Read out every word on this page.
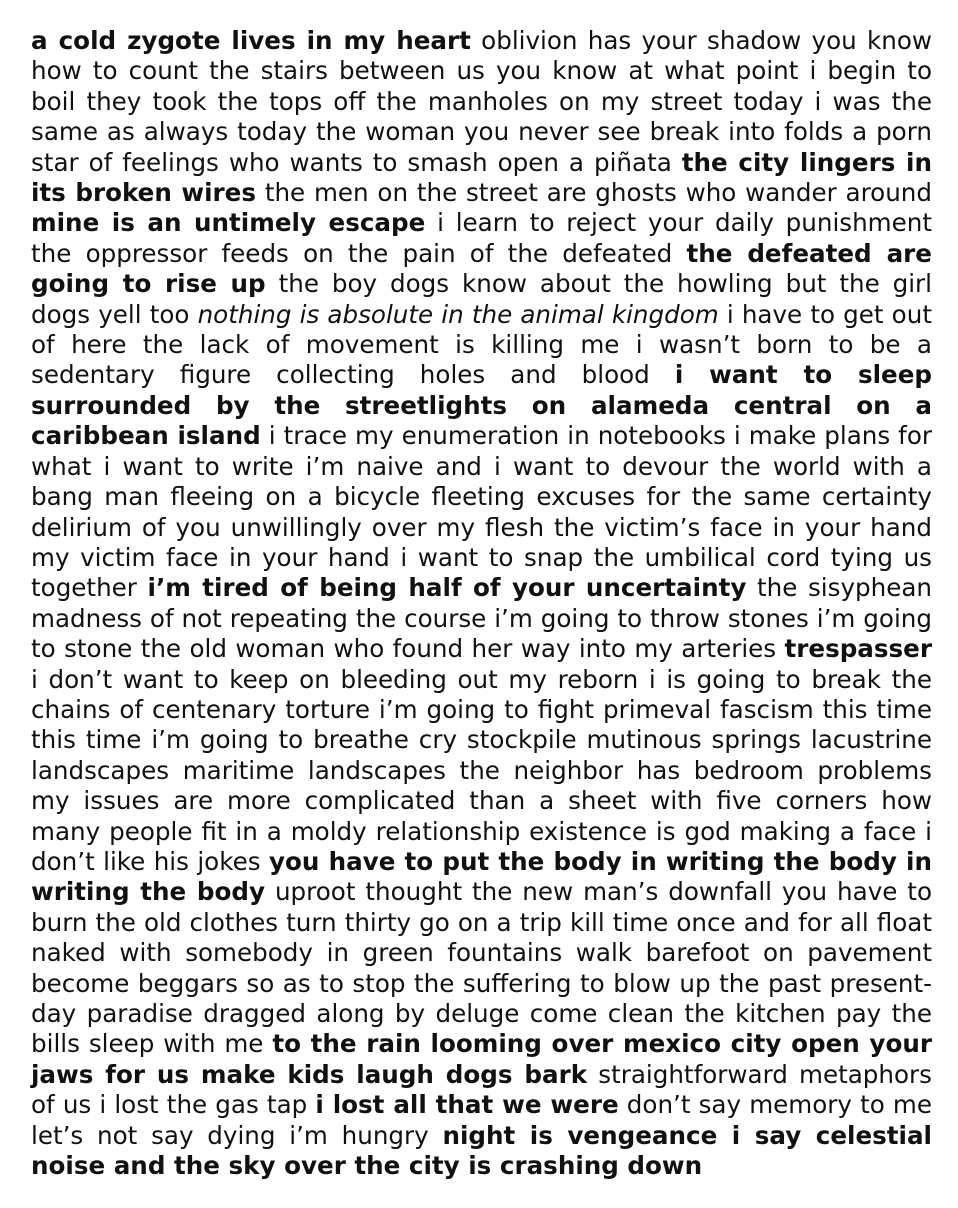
a cold zygote lives in my heart oblivion has your shadow you know how to count the stairs between us you know at what point i begin to boil they took the tops off the manholes on my street today i was the same as always today the woman you never see break into folds a porn star of feelings who wants to smash open a piñata the city lingers in its broken wires the men on the street are ghosts who wander around mine is an untimely escape i learn to reject your daily punishment the oppressor feeds on the pain of the defeated the defeated are going to rise up the boy dogs know about the howling but the girl dogs yell too nothing is absolute in the animal kingdom i have to get out of here the lack of movement is killing me i wasn’t born to be a sedentary figure collecting holes and blood i want to sleep surrounded by the streetlights on alameda central on a caribbean island i trace my enumeration in notebooks i make plans for what i want to write i’m naive and i want to devour the world with a bang man fleeing on a bicycle fleeting excuses for the same certainty delirium of you unwillingly over my flesh the victim’s face in your hand my victim face in your hand i want to snap the umbilical cord tying us together i’m tired of being half of your uncertainty the sisyphean madness of not repeating the course i’m going to throw stones i’m going to stone the old woman who found her way into my arteries trespasser i don’t want to keep on bleeding out my reborn i is going to break the chains of centenary torture i’m going to fight primeval fascism this time this time i’m going to breathe cry stockpile mutinous springs lacustrine landscapes maritime landscapes the neighbor has bedroom problems my issues are more complicated than a sheet with five corners how many people fit in a moldy relationship existence is god making a face i don’t like his jokes you have to put the body in writing the body in writing the body uproot thought the new man’s downfall you have to burn the old clothes turn thirty go on a trip kill time once and for all float naked with somebody in green fountains walk barefoot on pavement become beggars so as to stop the suffering to blow up the past present-day paradise dragged along by deluge come clean the kitchen pay the bills sleep with me to the rain looming over mexico city open your jaws for us make kids laugh dogs bark straightforward metaphors of us i lost the gas tap i lost all that we were don’t say memory to me let’s not say dying i’m hungry night is vengeance i say celestial noise and the sky over the city is crashing down
